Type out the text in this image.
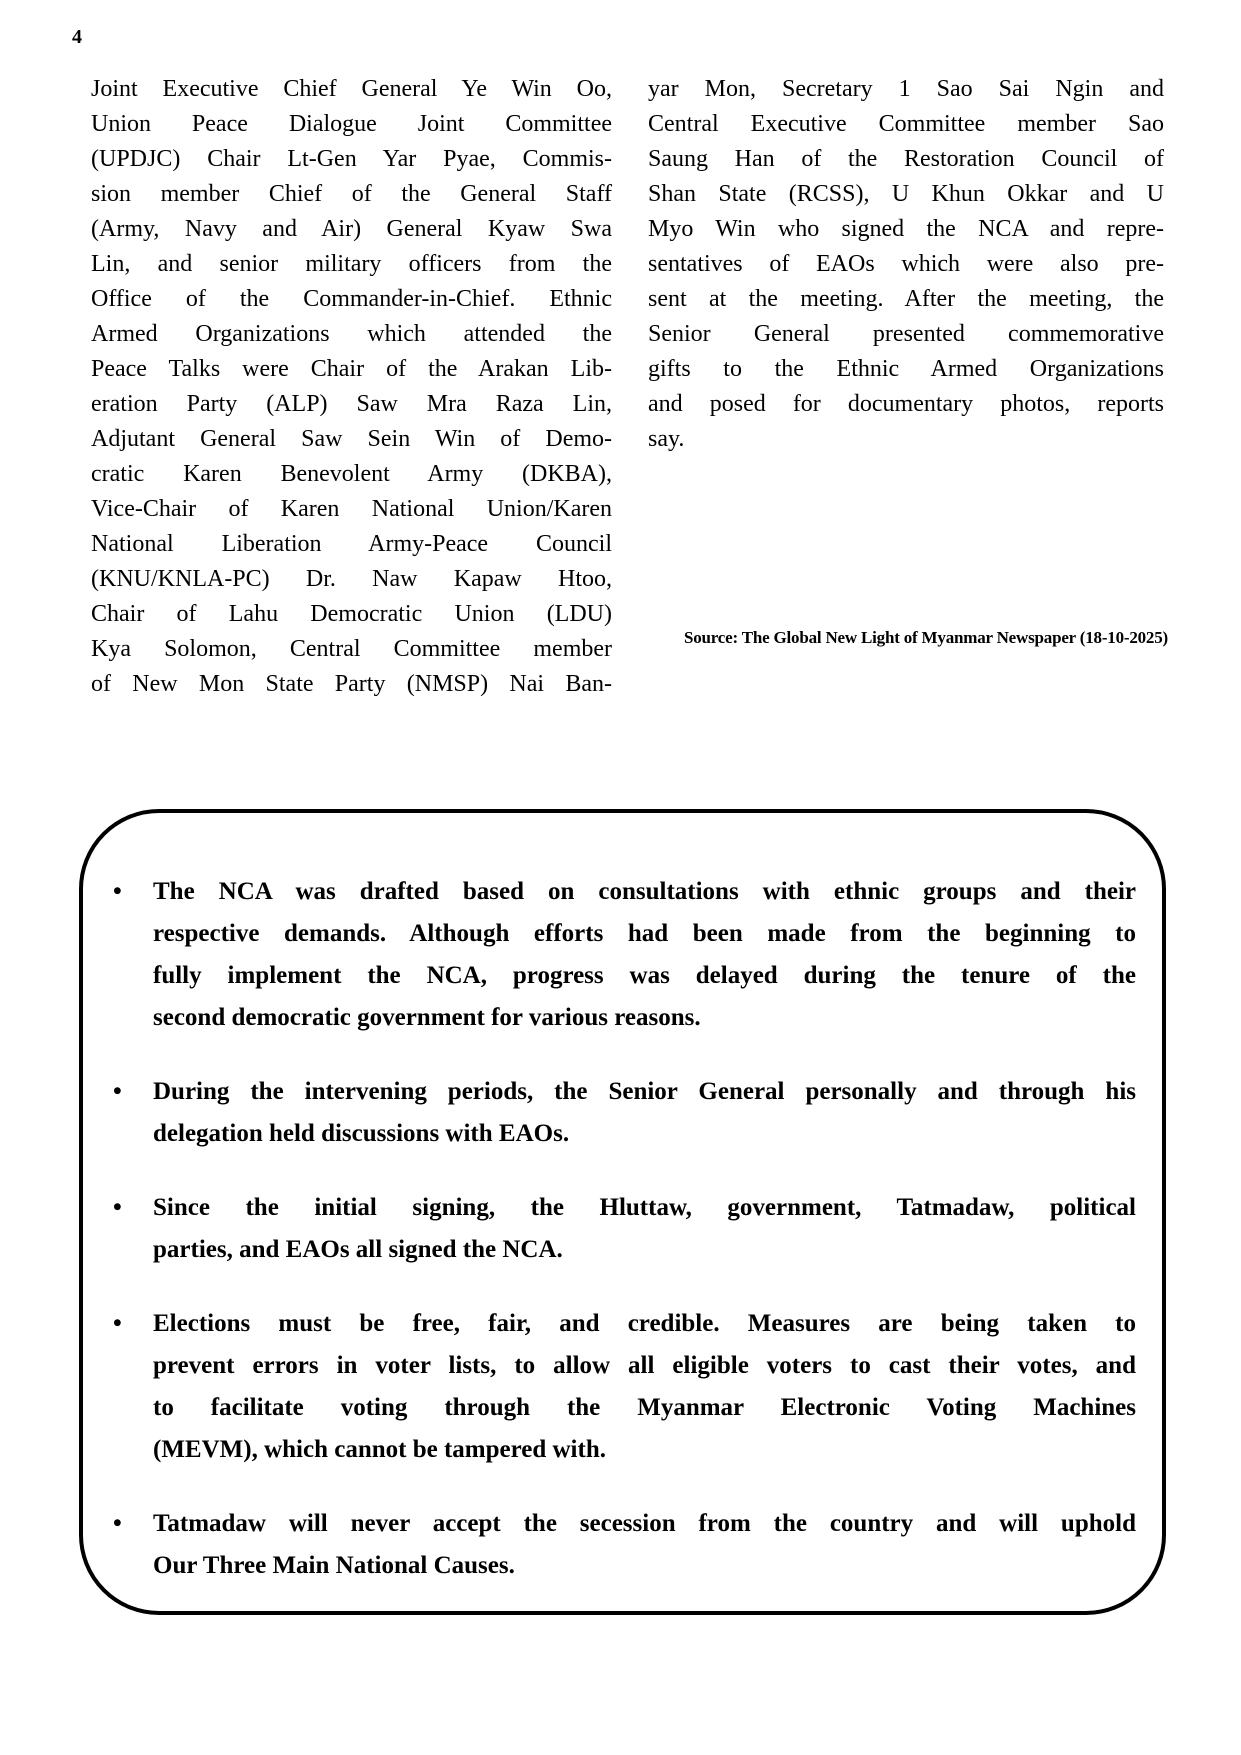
4
Joint Executive Chief General Ye Win Oo,
Union Peace Dialogue Joint Committee
(UPDJC) Chair Lt-Gen Yar Pyae, Commis-
sion member Chief of the General Staff
(Army, Navy and Air) General Kyaw Swa
Lin, and senior military officers from the
Office of the Commander-in-Chief. Ethnic
Armed Organizations which attended the
Peace Talks were Chair of the Arakan Lib-
eration Party (ALP) Saw Mra Raza Lin,
Adjutant General Saw Sein Win of Demo-
cratic Karen Benevolent Army (DKBA),
Vice-Chair of Karen National Union/Karen
National Liberation Army-Peace Council
(KNU/KNLA-PC) Dr. Naw Kapaw Htoo,
Chair of Lahu Democratic Union (LDU)
Kya Solomon, Central Committee member
of New Mon State Party (NMSP) Nai Ban-
yar Mon, Secretary 1 Sao Sai Ngin and
Central Executive Committee member Sao
Saung Han of the Restoration Council of
Shan State (RCSS), U Khun Okkar and U
Myo Win who signed the NCA and repre-
sentatives of EAOs which were also pre-
sent at the meeting. After the meeting, the
Senior General presented commemorative
gifts to the Ethnic Armed Organizations
and posed for documentary photos, reports
say.
Source: The Global New Light of Myanmar Newspaper (18-10-2025)
•	The NCA was drafted based on consultations with ethnic groups and their
respective demands. Although efforts had been made from the beginning to
fully implement the NCA, progress was delayed during the tenure of the
second democratic government for various reasons.
•	During the intervening periods, the Senior General personally and through his
delegation held discussions with EAOs.
•	Since the initial signing, the Hluttaw, government, Tatmadaw, political
parties, and EAOs all signed the NCA.
•	Elections must be free, fair, and credible. Measures are being taken to
prevent errors in voter lists, to allow all eligible voters to cast their votes, and
to facilitate voting through the Myanmar Electronic Voting Machines
(MEVM), which cannot be tampered with.
•	Tatmadaw will never accept the secession from the country and will uphold
Our Three Main National Causes.
